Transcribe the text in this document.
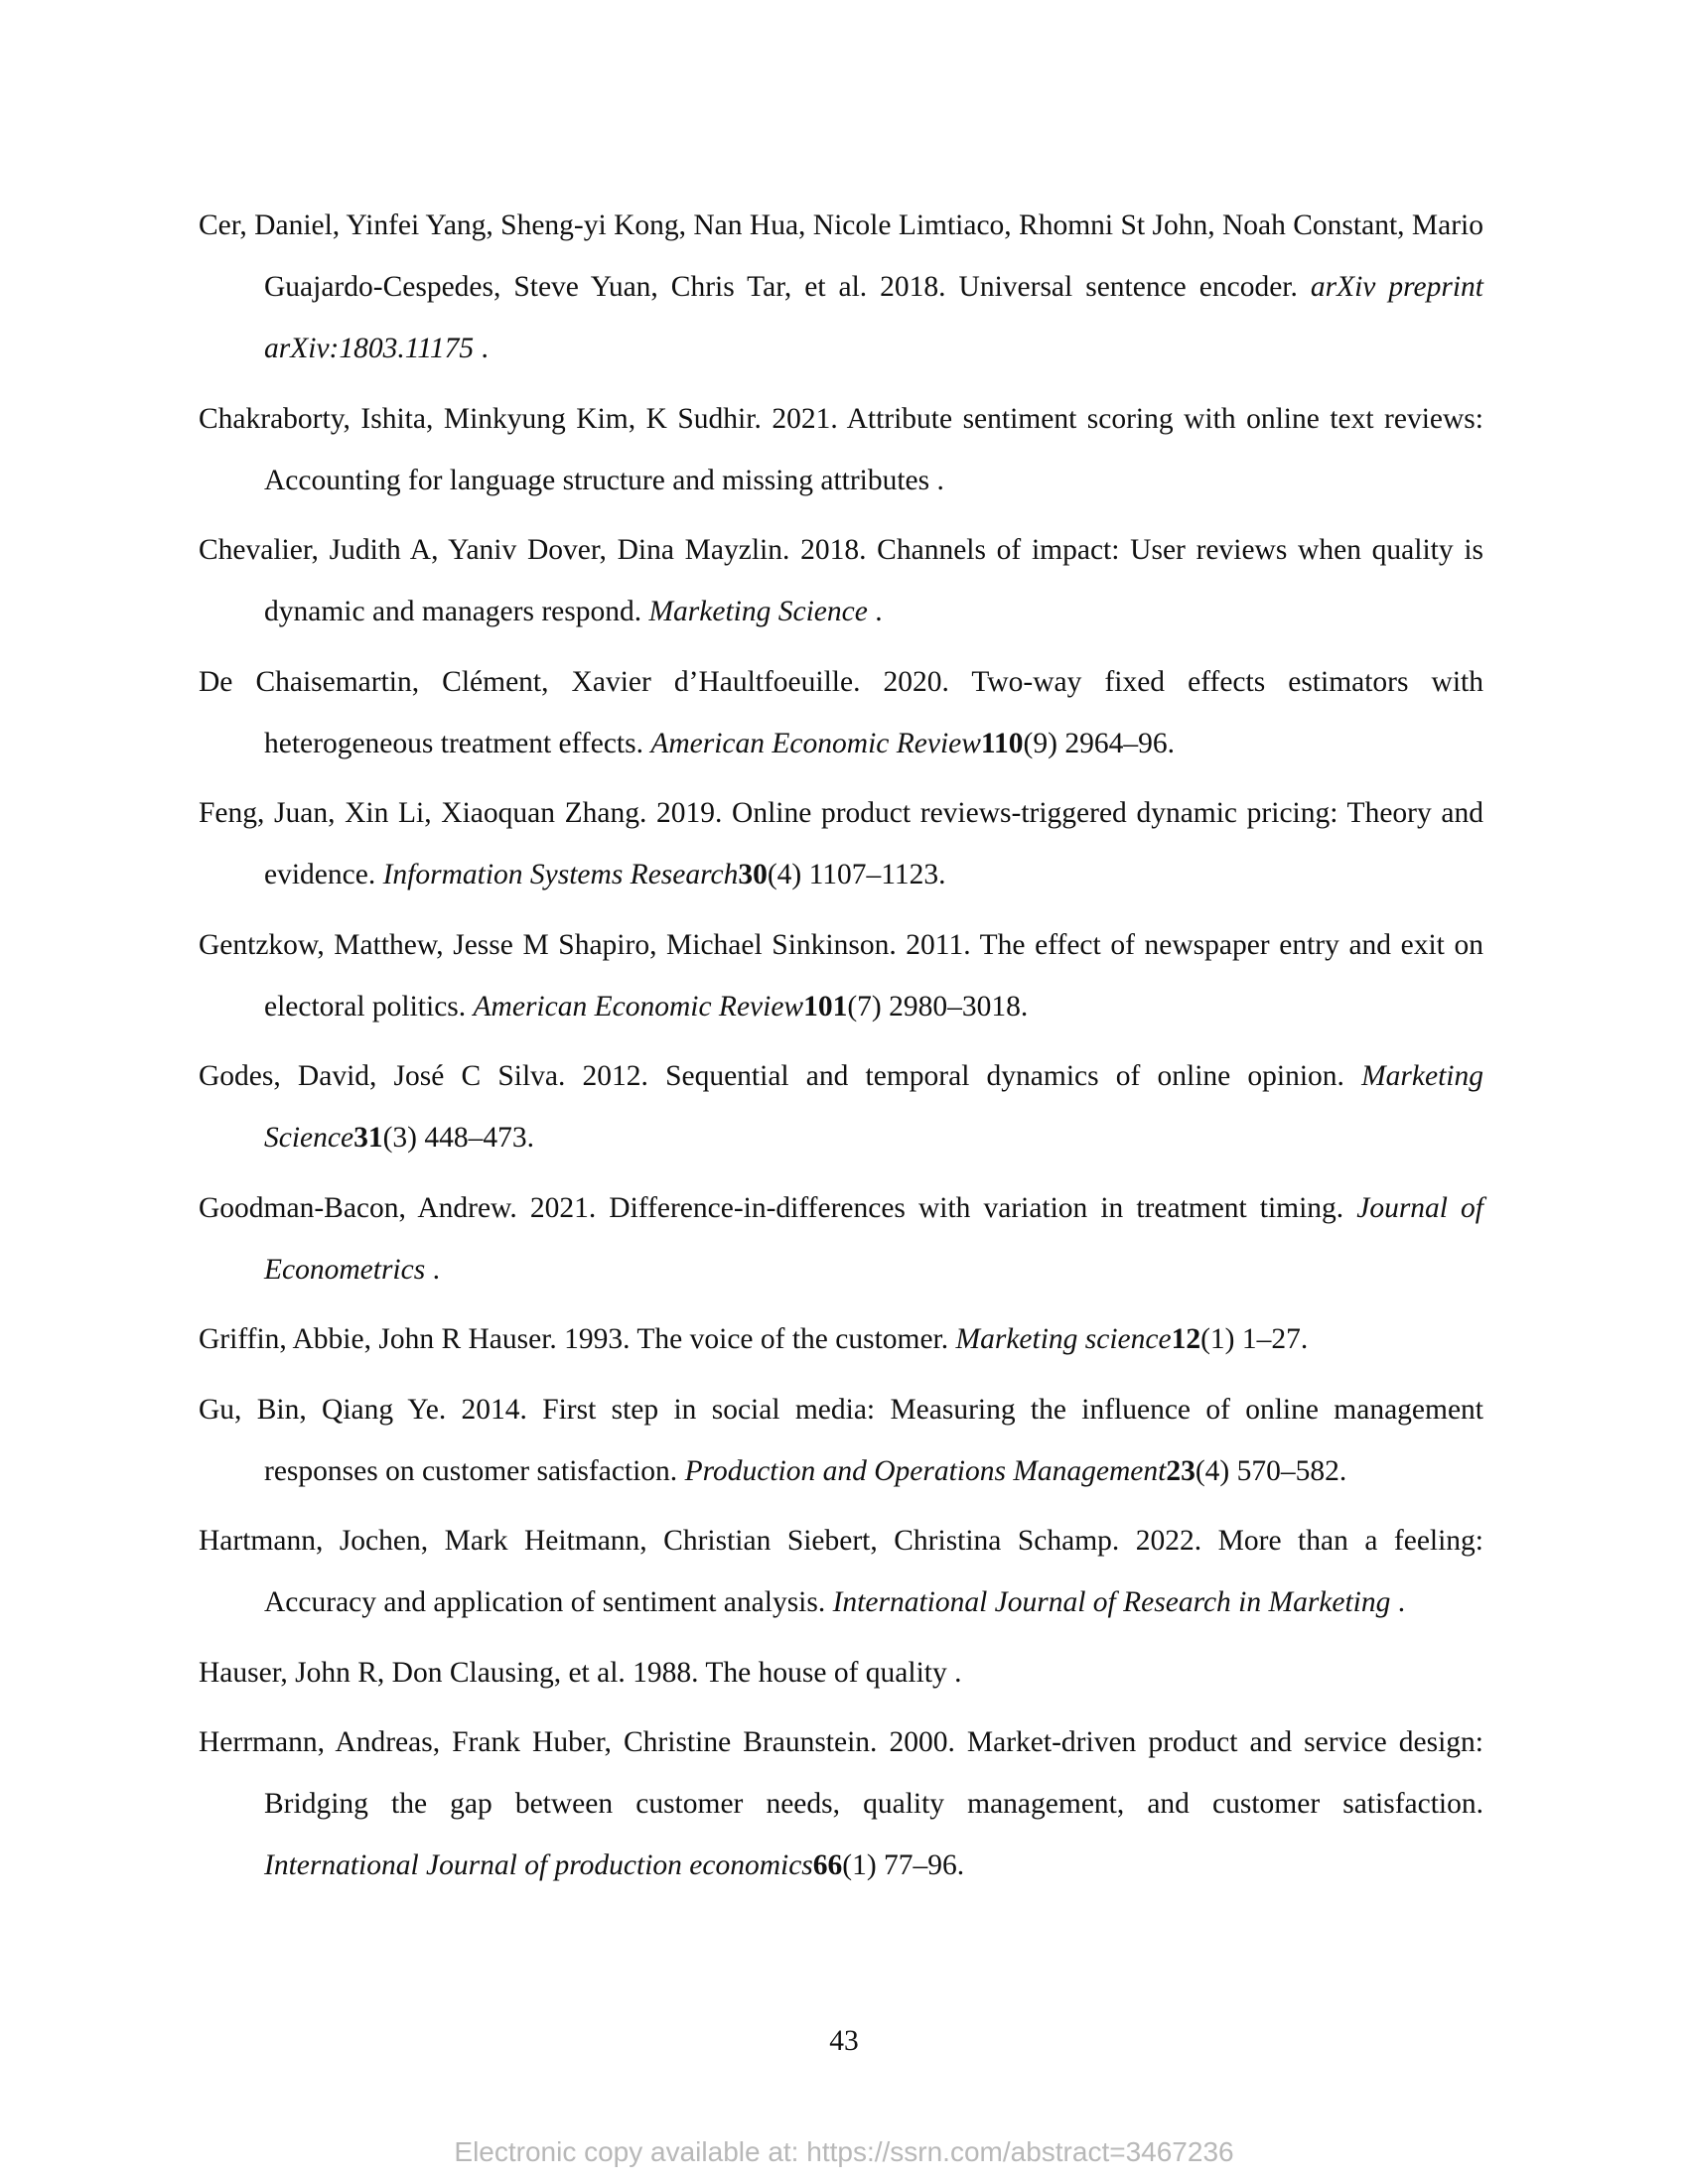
Cer, Daniel, Yinfei Yang, Sheng-yi Kong, Nan Hua, Nicole Limtiaco, Rhomni St John, Noah Constant, Mario Guajardo-Cespedes, Steve Yuan, Chris Tar, et al. 2018. Universal sentence encoder. arXiv preprint arXiv:1803.11175 .
Chakraborty, Ishita, Minkyung Kim, K Sudhir. 2021. Attribute sentiment scoring with online text reviews: Accounting for language structure and missing attributes .
Chevalier, Judith A, Yaniv Dover, Dina Mayzlin. 2018. Channels of impact: User reviews when quality is dynamic and managers respond. Marketing Science .
De Chaisemartin, Clément, Xavier d’Haultfoeuille. 2020. Two-way fixed effects estimators with heterogeneous treatment effects. American Economic Review110(9) 2964–96.
Feng, Juan, Xin Li, Xiaoquan Zhang. 2019. Online product reviews-triggered dynamic pricing: Theory and evidence. Information Systems Research30(4) 1107–1123.
Gentzkow, Matthew, Jesse M Shapiro, Michael Sinkinson. 2011. The effect of newspaper entry and exit on electoral politics. American Economic Review101(7) 2980–3018.
Godes, David, José C Silva. 2012. Sequential and temporal dynamics of online opinion. Marketing Science31(3) 448–473.
Goodman-Bacon, Andrew. 2021. Difference-in-differences with variation in treatment timing. Journal of Econometrics .
Griffin, Abbie, John R Hauser. 1993. The voice of the customer. Marketing science12(1) 1–27.
Gu, Bin, Qiang Ye. 2014. First step in social media: Measuring the influence of online management responses on customer satisfaction. Production and Operations Management23(4) 570–582.
Hartmann, Jochen, Mark Heitmann, Christian Siebert, Christina Schamp. 2022. More than a feeling: Accuracy and application of sentiment analysis. International Journal of Research in Marketing .
Hauser, John R, Don Clausing, et al. 1988. The house of quality .
Herrmann, Andreas, Frank Huber, Christine Braunstein. 2000. Market-driven product and service design: Bridging the gap between customer needs, quality management, and customer satisfaction. International Journal of production economics66(1) 77–96.
43
Electronic copy available at: https://ssrn.com/abstract=3467236
